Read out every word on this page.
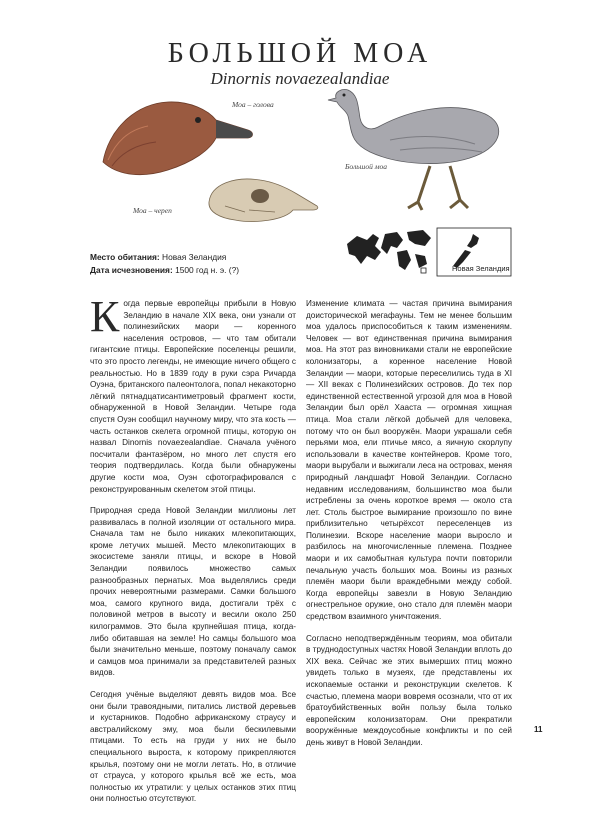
БОЛЬШОЙ МОА
Dinornis novaezealandiae
Моа – голова
Моа – череп
Большой моа
Место обитания: Новая Зеландия
Дата исчезновения: 1500 год н. э. (?)	Новая Зеландия

Когда первые европейцы прибыли в Новую Зеландию в начале XIX века, они узнали от полинезийских маори — коренного населения островов, — что там обитали гигантские птицы. Европейские поселенцы решили, что это просто легенды, не имеющие ничего общего с реальностью. Но в 1839 году в руки сэра Ричарда Оуэна, британского палеонтолога, попал некакоторно лёгкий пятнадцатисантиметровый фрагмент кости, обнаруженной в Новой Зеландии. Четыре года спустя Оуэн сообщил научному миру, что эта кость — часть останков скелета огромной птицы, которую он назвал Dinornis novaezealandiae. Сначала учёного посчитали фантазёром, но много лет спустя его теория подтвердилась. Когда были обнаружены другие кости моа, Оуэн сфотографировался с реконструированным скелетом этой птицы.

Природная среда Новой Зеландии миллионы лет развивалась в полной изоляции от остального мира. Сначала там не было никаких млекопитающих, кроме летучих мышей. Место млекопитающих в экосистеме заняли птицы, и вскоре в Новой Зеландии появилось множество самых разнообразных пернатых. Моа выделялись среди прочих невероятными размерами. Самки большого моа, самого крупного вида, достигали трёх с половиной метров в высоту и весили около 250 килограммов. Это была крупнейшая птица, когда-либо обитавшая на земле! Но самцы большого моа были значительно меньше, поэтому поначалу самок и самцов моа принимали за представителей разных видов.

Сегодня учёные выделяют девять видов моа. Все они были травоядными, питались листвой деревьев и кустарников. Подобно африканскому страусу и австралийскому эму, моа были бескилевыми птицами. То есть на груди у них не было специального выроста, к которому прикрепляются крылья, поэтому они не могли летать. Но, в отличие от страуса, у которого крылья всё же есть, моа полностью их утратили: у целых останков этих птиц они полностью отсутствуют.

Изменение климата — частая причина вымирания доисторической мегафауны. Тем не менее большим моа удалось приспособиться к таким изменениям. Человек — вот единственная причина вымирания моа. На этот раз виновниками стали не европейские колонизаторы, а коренное население Новой Зеландии — маори, которые переселились туда в XI — XII веках с Полинезийских островов. До тех пор единственной естественной угрозой для моа в Новой Зеландии был орёл Хааста — огромная хищная птица. Моа стали лёгкой добычей для человека, потому что он был вооружён. Маори украшали себя перьями моа, ели птичье мясо, а яичную скорлупу использовали в качестве контейнеров. Кроме того, маори вырубали и выжигали леса на островах, меняя природный ландшафт Новой Зеландии. Согласно недавним исследованиям, большинство моа были истреблены за очень короткое время — около ста лет. Столь быстрое вымирание произошло по вине приблизительно четырёхсот переселенцев из Полинезии. Вскоре население маори выросло и разбилось на многочисленные племена. Позднее маори и их самобытная культура почти повторили печальную участь больших моа. Воины из разных племён маори были враждебными между собой. Когда европейцы завезли в Новую Зеландию огнестрельное оружие, оно стало для племён маори средством взаимного уничтожения.

Согласно неподтверждённым теориям, моа обитали в труднодоступных частях Новой Зеландии вплоть до XIX века. Сейчас же этих вымерших птиц можно увидеть только в музеях, где представлены их ископаемые останки и реконструкции скелетов. К счастью, племена маори вовремя осознали, что от их братоубийственных войн пользу была только европейским колонизаторам. Они прекратили вооружённые междоусобные конфликты и по сей день живут в Новой Зеландии.

11
